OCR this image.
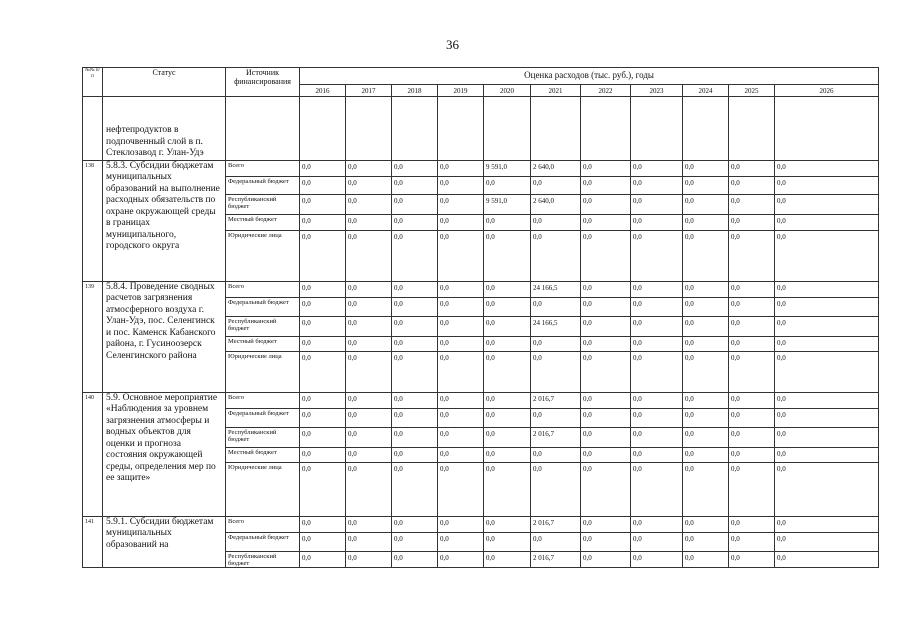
36
№№ п/п	Статус	Источник финансирования	Оценка расходов (тыс. руб.), годы										
			2016	2017	2018	2019	2020	2021	2022	2023	2024	2025	2026
	нефтепродуктов в подпочвенный слой в п. Стеклозавод г. Улан-Удэ												
138	5.8.3. Субсидии бюджетам муниципальных образований на выполнение расходных обязательств по охране окружающей среды в границах муниципального, городского округа	Всего	0,0	0,0	0,0	0,0	9 591,0	2 640,0	0,0	0,0	0,0	0,0	0,0
		Федеральный бюджет	0,0	0,0	0,0	0,0	0,0	0,0	0,0	0,0	0,0	0,0	0,0
		Республиканский бюджет	0,0	0,0	0,0	0,0	9 591,0	2 640,0	0,0	0,0	0,0	0,0	0,0
		Местный бюджет	0,0	0,0	0,0	0,0	0,0	0,0	0,0	0,0	0,0	0,0	0,0
		Юридические лица	0,0	0,0	0,0	0,0	0,0	0,0	0,0	0,0	0,0	0,0	0,0
139	5.8.4. Проведение сводных расчетов загрязнения атмосферного воздуха г. Улан-Удэ, пос. Селенгинск и пос. Каменск Кабанского района, г. Гусиноозерск Селенгинского района	Всего	0,0	0,0	0,0	0,0	0,0	24 166,5	0,0	0,0	0,0	0,0	0,0
		Федеральный бюджет	0,0	0,0	0,0	0,0	0,0	0,0	0,0	0,0	0,0	0,0	0,0
		Республиканский бюджет	0,0	0,0	0,0	0,0	0,0	24 166,5	0,0	0,0	0,0	0,0	0,0
		Местный бюджет	0,0	0,0	0,0	0,0	0,0	0,0	0,0	0,0	0,0	0,0	0,0
		Юридические лица	0,0	0,0	0,0	0,0	0,0	0,0	0,0	0,0	0,0	0,0	0,0
140	5.9. Основное мероприятие «Наблюдения за уровнем загрязнения атмосферы и водных объектов для оценки и прогноза состояния окружающей среды, определения мер по ее защите»	Всего	0,0	0,0	0,0	0,0	0,0	2 016,7	0,0	0,0	0,0	0,0	0,0
		Федеральный бюджет	0,0	0,0	0,0	0,0	0,0	0,0	0,0	0,0	0,0	0,0	0,0
		Республиканский бюджет	0,0	0,0	0,0	0,0	0,0	2 016,7	0,0	0,0	0,0	0,0	0,0
		Местный бюджет	0,0	0,0	0,0	0,0	0,0	0,0	0,0	0,0	0,0	0,0	0,0
		Юридические лица	0,0	0,0	0,0	0,0	0,0	0,0	0,0	0,0	0,0	0,0	0,0
141	5.9.1. Субсидии бюджетам муниципальных образований на	Всего	0,0	0,0	0,0	0,0	0,0	2 016,7	0,0	0,0	0,0	0,0	0,0
		Федеральный бюджет	0,0	0,0	0,0	0,0	0,0	0,0	0,0	0,0	0,0	0,0	0,0
		Республиканский бюджет	0,0	0,0	0,0	0,0	0,0	2 016,7	0,0	0,0	0,0	0,0	0,0
